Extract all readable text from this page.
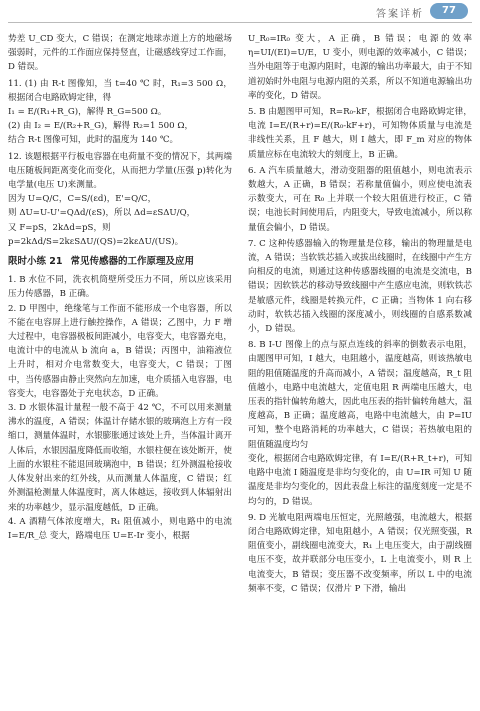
答案详析	77

势差 U_CD 变大，C 错误；在测定地球赤道上方的地磁场强弱时，元件的工作面应保持竖直，让磁感线穿过工作面，D 错误。

11. (1) 由 R-t 图像知，当 t=40 ℃ 时，R₁=3 500 Ω，根据闭合电路欧姆定律，得

I₁ = E/(R₁+R_G)，解得 R_G=500 Ω。

(2) 由 I₂ = E/(R₂+R_G)，解得 R₂=1 500 Ω，

结合 R-t 图像可知，此时的温度为 140 ℃。

12. 该题根据平行板电容器在电荷量不变的情况下，其两端电压随板间距离变化而变化，从而把力学量(压强 p)转化为电学量(电压 U)来测量。

因为 U=Q/C，C=S/(εd)，E'=Q/C，

则 ΔU=U-U'=QΔd/(εS)，所以 Δd=εSΔU/Q，

又 F=pS，2kΔd=pS，则

p=2kΔd/S=2kεSΔU/(QS)=2kεΔU/(US)。

限时小练 21 常见传感器的工作原理及应用

1. B 水位不同，洗衣机筒壁所受压力不同，所以应该采用压力传感器，B 正确。

2. D 甲图中，绝缘笔与工作面不能形成一个电容器，所以不能在电容屏上进行触控操作，A 错误；乙图中，力 F 增大过程中，电容器极板间距减小，电容变大，电容器充电，电流计中的电流从 b 流向 a，B 错误；丙图中，油箱液位上升时，相对介电常数变大，电容变大，C 错误；丁图中，当传感器由静止突然向左加速，电介质插入电容器，电容变大，电容器处于充电状态，D 正确。

3. D 水银体温计量程一般不高于 42 ℃，不可以用来测量沸水的温度，A 错误；体温计存储水银的玻璃泡上方有一段缩口，测量体温时，水银膨胀通过该处上升，当体温计离开人体后，水银因温度降低而收缩，水银柱便在该处断开，使上面的水银柱不能退回玻璃泡中，B 错误；红外测温枪接收人体发射出来的红外线，从而测量人体温度，C 错误；红外测温枪测量人体温度时，离人体越远，接收到人体辐射出来的功率越少，显示温度越低，D 正确。

4. A 酒精气体浓度增大，R₁ 阻值减小，则电路中的电流 I=E/R_总 变大，路端电压 U=E-Ir 变小，根据

U_R₀=IR₀ 变大，A 正确，B 错误；电源的效率 η=UI/(EI)=U/E，U 变小，则电源的效率减小，C 错误；当外电阻等于电源内阻时，电源的输出功率最大，由于不知道初始时外电阻与电源内阻的关系，所以不知道电源输出功率的变化，D 错误。

5. B 由题图甲可知，R=R₀-kF，根据闭合电路欧姆定律，电流 I=E/(R+r)=E/(R₀-kF+r)，可知物体质量与电流是非线性关系，且 F 越大，则 I 越大，即 F_m 对应的物体质量应标在电流较大的刻度上，B 正确。

6. A 汽车质量越大，滑动变阻器的阻值越小，则电流表示数越大，A 正确，B 错误；若称量值偏小，则应使电流表示数变大，可在 R₀ 上并联一个较大阻值进行校正，C 错误；电池长时间使用后，内阻变大，导致电流减小，所以称量值会偏小，D 错误。

7. C 这种传感器输入的物理量是位移，输出的物理量是电流，A 错误；当软铁芯插入或拔出线圈时，在线圈中产生方向相反的电流，则通过这种传感器线圈的电流是交流电，B 错误；因软铁芯的移动导致线圈中产生感应电流，则软铁芯是敏感元件，线圈是转换元件，C 正确；当物体 1 向右移动时，软铁芯插入线圈的深度减小，则线圈的自感系数减小，D 错误。

8. B I-U 图像上的点与原点连线的斜率的倒数表示电阻，由题图甲可知，I 越大，电阻越小，温度越高，则该热敏电阻的阻值随温度的升高而减小，A 错误；温度越高，R_t 阻值越小，电路中电流越大，定值电阻 R 两端电压越大，电压表的指针偏转角越大，因此电压表的指针偏转角越大，温度越高，B 正确；温度越高，电路中电流越大，由 P=IU 可知，整个电路消耗的功率越大，C 错误；若热敏电阻的阻值随温度均匀

变化，根据闭合电路欧姆定律，有 I=E/(R+R_t+r)，可知电路中电流 I 随温度是非均匀变化的，由 U=IR 可知 U 随温度是非均匀变化的，因此表盘上标注的温度刻度一定是不均匀的，D 错误。

9. D 光敏电阻两端电压恒定，光照越强，电流越大，根据闭合电路欧姆定律，知电阻越小，A 错误；仅光照变强，R 阻值变小，副线圈电流变大，R₁ 上电压变大，由于副线圈电压不变，故并联部分电压变小，L 上电流变小，则 R 上电流变大，B 错误；变压器不改变频率，所以 L 中的电流频率不变，C 错误；仅滑片 P 下滑，输出
